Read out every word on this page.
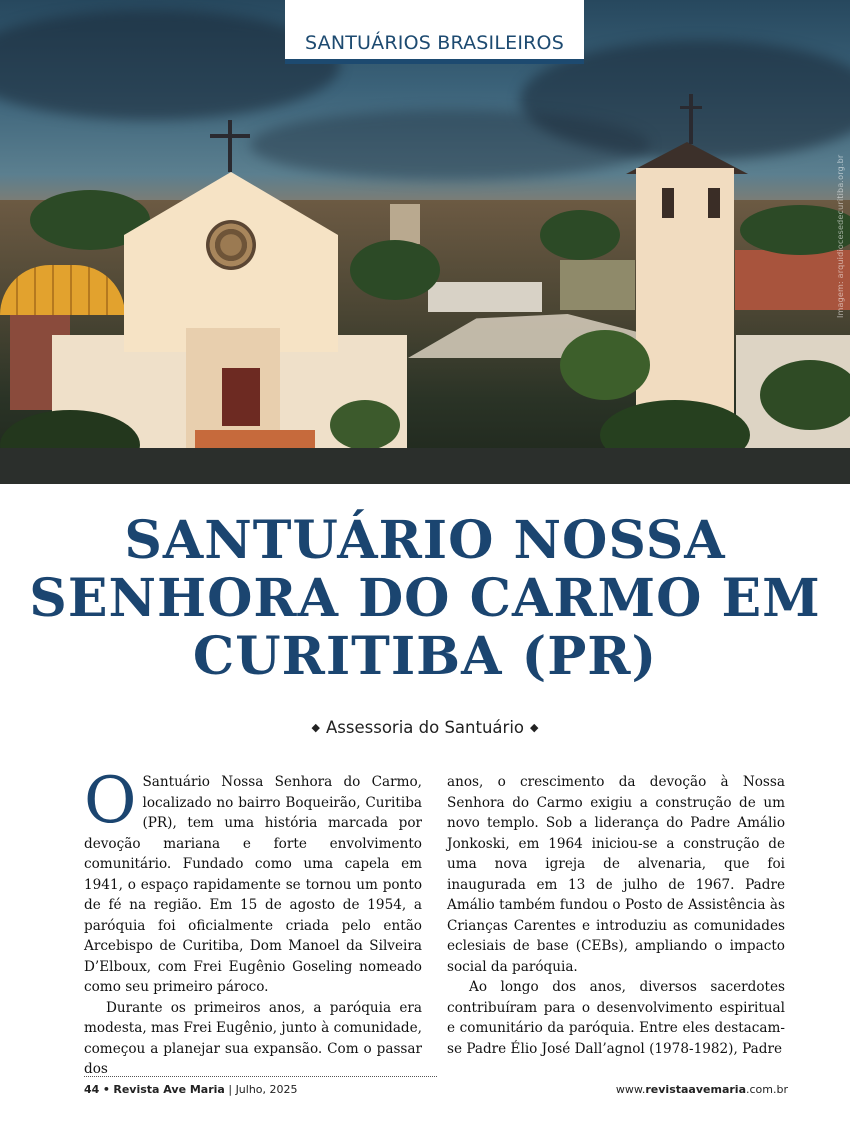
Imagem: arquidiocesedecuritiba.org.br
SANTUÁRIOS BRASILEIROS
SANTUÁRIO NOSSA SENHORA DO CARMO EM CURITIBA (PR)
◆ Assessoria do Santuário ◆

O Santuário Nossa Senhora do Carmo, localizado no bairro Boqueirão, Curitiba (PR), tem uma história marcada por devoção mariana e forte envolvimento comunitário. Fundado como uma capela em 1941, o espaço rapidamente se tornou um ponto de fé na região. Em 15 de agosto de 1954, a paróquia foi oficialmente criada pelo então Arcebispo de Curitiba, Dom Manoel da Silveira D’Elboux, com Frei Eugênio Goseling nomeado como seu primeiro pároco.

Durante os primeiros anos, a paróquia era modesta, mas Frei Eugênio, junto à comunidade, começou a planejar sua expansão. Com o passar dos

anos, o crescimento da devoção à Nossa Senhora do Carmo exigiu a construção de um novo templo. Sob a liderança do Padre Amálio Jonkoski, em 1964 iniciou-se a construção de uma nova igreja de alvenaria, que foi inaugurada em 13 de julho de 1967. Padre Amálio também fundou o Posto de Assistência às Crianças Carentes e introduziu as comunidades eclesiais de base (CEBs), ampliando o impacto social da paróquia.

Ao longo dos anos, diversos sacerdotes contribuíram para o desenvolvimento espiritual e comunitário da paróquia. Entre eles destacam-se Padre Élio José Dall’agnol (1978-1982), Padre

44 • Revista Ave Maria | Julho, 2025	www.revistaavemaria.com.br
